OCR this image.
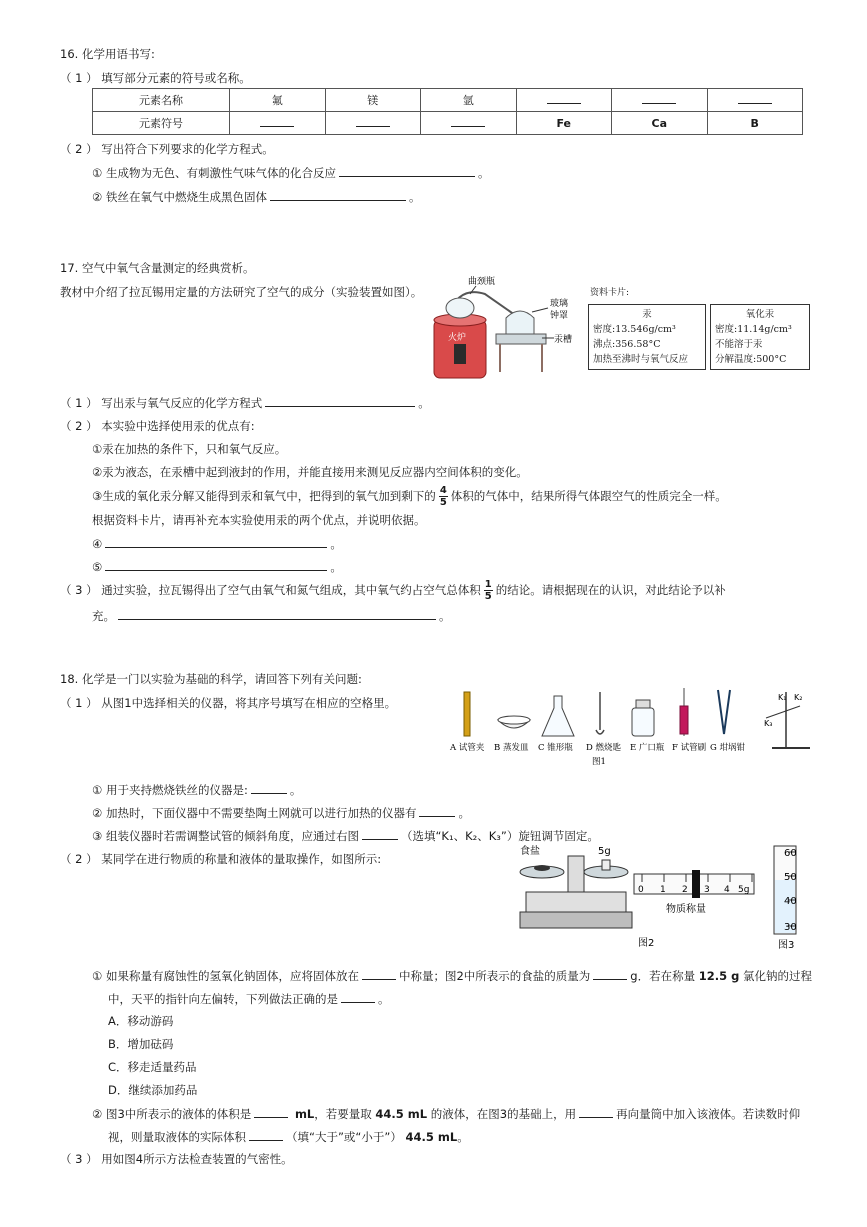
16. 化学用语书写:
（ 1 ） 填写部分元素的符号或名称。
元素名称	氟	镁	氩			
元素符号				Fe	Ca	B
（ 2 ） 写出符合下列要求的化学方程式。
① 生成物为无色、有刺激性气味气体的化合反应	。
② 铁丝在氧气中燃烧生成黑色固体	。
17. 空气中氧气含量测定的经典赏析。
教材中介绍了拉瓦锡用定量的方法研究了空气的成分（实验装置如图）。
火炉
曲颈瓶
玻璃
钟罩
汞槽
资料卡片:
汞
密度:13.546g/cm³
沸点:356.58°C
加热至沸时与氧气反应
氧化汞
密度:11.14g/cm³
不能溶于汞
分解温度:500°C
（ 1 ） 写出汞与氧气反应的化学方程式	。
（ 2 ） 本实验中选择使用汞的优点有:
①汞在加热的条件下，只和氧气反应。
②汞为液态，在汞槽中起到液封的作用，并能直接用来测见反应器内空间体积的变化。
③生成的氧化汞分解又能得到汞和氧气中，把得到的氧气加到剩下的 $\frac{4}{5}$ 体积的气体中，结果所得气体跟空气的性质完全一样。
根据资料卡片，请再补充本实验使用汞的两个优点，并说明依据。
④	。
⑤	。
（ 3 ） 通过实验，拉瓦锡得出了空气由氧气和氮气组成，其中氧气约占空气总体积 $\frac{1}{5}$ 的结论。请根据现在的认识，对此结论予以补
充。	。
18. 化学是一门以实验为基础的科学，请回答下列有关问题:
（ 1 ） 从图1中选择相关的仪器，将其序号填写在相应的空格里。	K₁ K₂
K₃
A 试管夹 B 蒸发皿 C 锥形瓶 D 燃烧匙 E 广口瓶 F 试管刷 G 坩埚钳
图1
① 用于夹持燃烧铁丝的仪器是:	。
② 加热时，下面仪器中不需要垫陶土网就可以进行加热的仪器有	。
③ 组装仪器时若需调整试管的倾斜角度，应通过右图	（选填“K₁、K₂、K₃”）旋钮调节固定。
（ 2 ） 某同学在进行物质的称量和液体的量取操作，如图所示:
食盐	5g
0 1 2 3 4 5g
物质称量
图2
60
50
40
30
图3
① 如果称量有腐蚀性的氢氧化钠固体，应将固体放在	中称量；图2中所表示的食盐的质量为	g．若在称量 12.5 g 氯化钠的过程
中，天平的指针向左偏转，下列做法正确的是	。
A．移动游码
B．增加砝码
C．移走适量药品
D．继续添加药品
② 图3中所表示的液体的体积是	mL，若要量取 44.5 mL 的液体，在图3的基础上，用	再向量筒中加入该液体。若读数时仰
视，则量取液体的实际体积	（填“大于”或“小于”） 44.5 mL。
（ 3 ） 用如图4所示方法检查装置的气密性。
